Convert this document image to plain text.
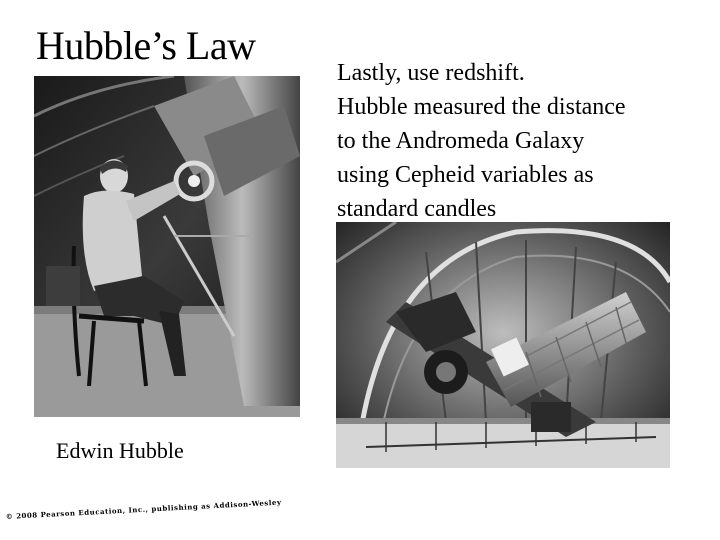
Hubble’s Law
Lastly, use redshift.
Hubble measured the distance
to the Andromeda Galaxy
using Cepheid variables as
standard candles
Edwin Hubble
© 2008 Pearson Education, Inc., publishing as Addison-Wesley
